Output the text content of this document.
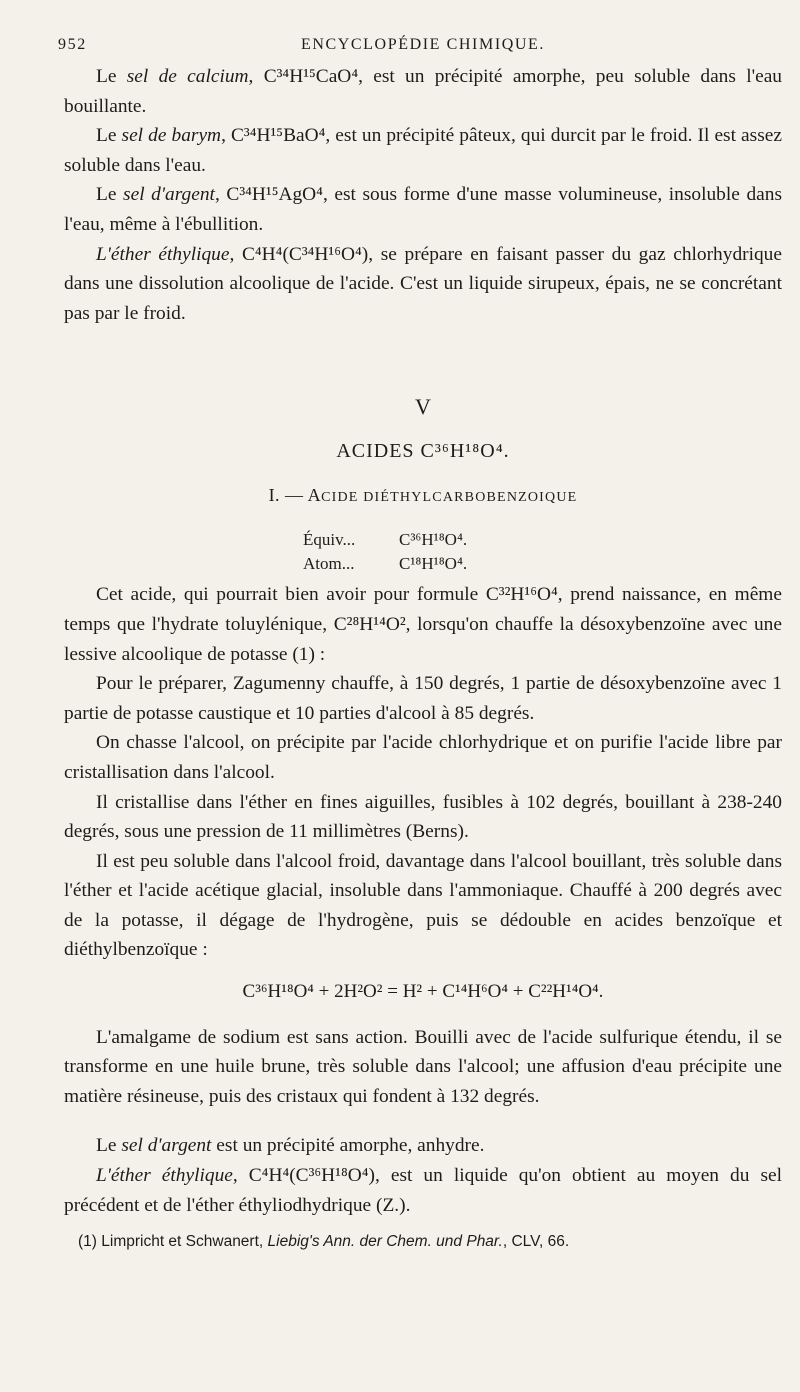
952	ENCYCLOPÉDIE CHIMIQUE.

Le sel de calcium, C³⁴H¹⁵CaO⁴, est un précipité amorphe, peu soluble dans l'eau bouillante.

Le sel de barym, C³⁴H¹⁵BaO⁴, est un précipité pâteux, qui durcit par le froid. Il est assez soluble dans l'eau.

Le sel d'argent, C³⁴H¹⁵AgO⁴, est sous forme d'une masse volumineuse, insoluble dans l'eau, même à l'ébullition.

L'éther éthylique, C⁴H⁴(C³⁴H¹⁶O⁴), se prépare en faisant passer du gaz chlorhydrique dans une dissolution alcoolique de l'acide. C'est un liquide sirupeux, épais, ne se concrétant pas par le froid.

V
ACIDES C³⁶H¹⁸O⁴.
I. — ACIDE DIÉTHYLCARBOBENZOIQUE
Équiv...	C³⁶H¹⁸O⁴.
Atom...	C¹⁸H¹⁸O⁴.

Cet acide, qui pourrait bien avoir pour formule C³²H¹⁶O⁴, prend naissance, en même temps que l'hydrate toluylénique, C²⁸H¹⁴O², lorsqu'on chauffe la désoxybenzoïne avec une lessive alcoolique de potasse (1) :

Pour le préparer, Zagumenny chauffe, à 150 degrés, 1 partie de désoxybenzoïne avec 1 partie de potasse caustique et 10 parties d'alcool à 85 degrés.

On chasse l'alcool, on précipite par l'acide chlorhydrique et on purifie l'acide libre par cristallisation dans l'alcool.

Il cristallise dans l'éther en fines aiguilles, fusibles à 102 degrés, bouillant à 238-240 degrés, sous une pression de 11 millimètres (Berns).

Il est peu soluble dans l'alcool froid, davantage dans l'alcool bouillant, très soluble dans l'éther et l'acide acétique glacial, insoluble dans l'ammoniaque. Chauffé à 200 degrés avec de la potasse, il dégage de l'hydrogène, puis se dédouble en acides benzoïque et diéthylbenzoïque :

C³⁶H¹⁸O⁴ + 2H²O² = H² + C¹⁴H⁶O⁴ + C²²H¹⁴O⁴.

L'amalgame de sodium est sans action. Bouilli avec de l'acide sulfurique étendu, il se transforme en une huile brune, très soluble dans l'alcool; une affusion d'eau précipite une matière résineuse, puis des cristaux qui fondent à 132 degrés.

Le sel d'argent est un précipité amorphe, anhydre.

L'éther éthylique, C⁴H⁴(C³⁶H¹⁸O⁴), est un liquide qu'on obtient au moyen du sel précédent et de l'éther éthyliodhydrique (Z.).

(1) Limpricht et Schwanert, Liebig's Ann. der Chem. und Phar., CLV, 66.
